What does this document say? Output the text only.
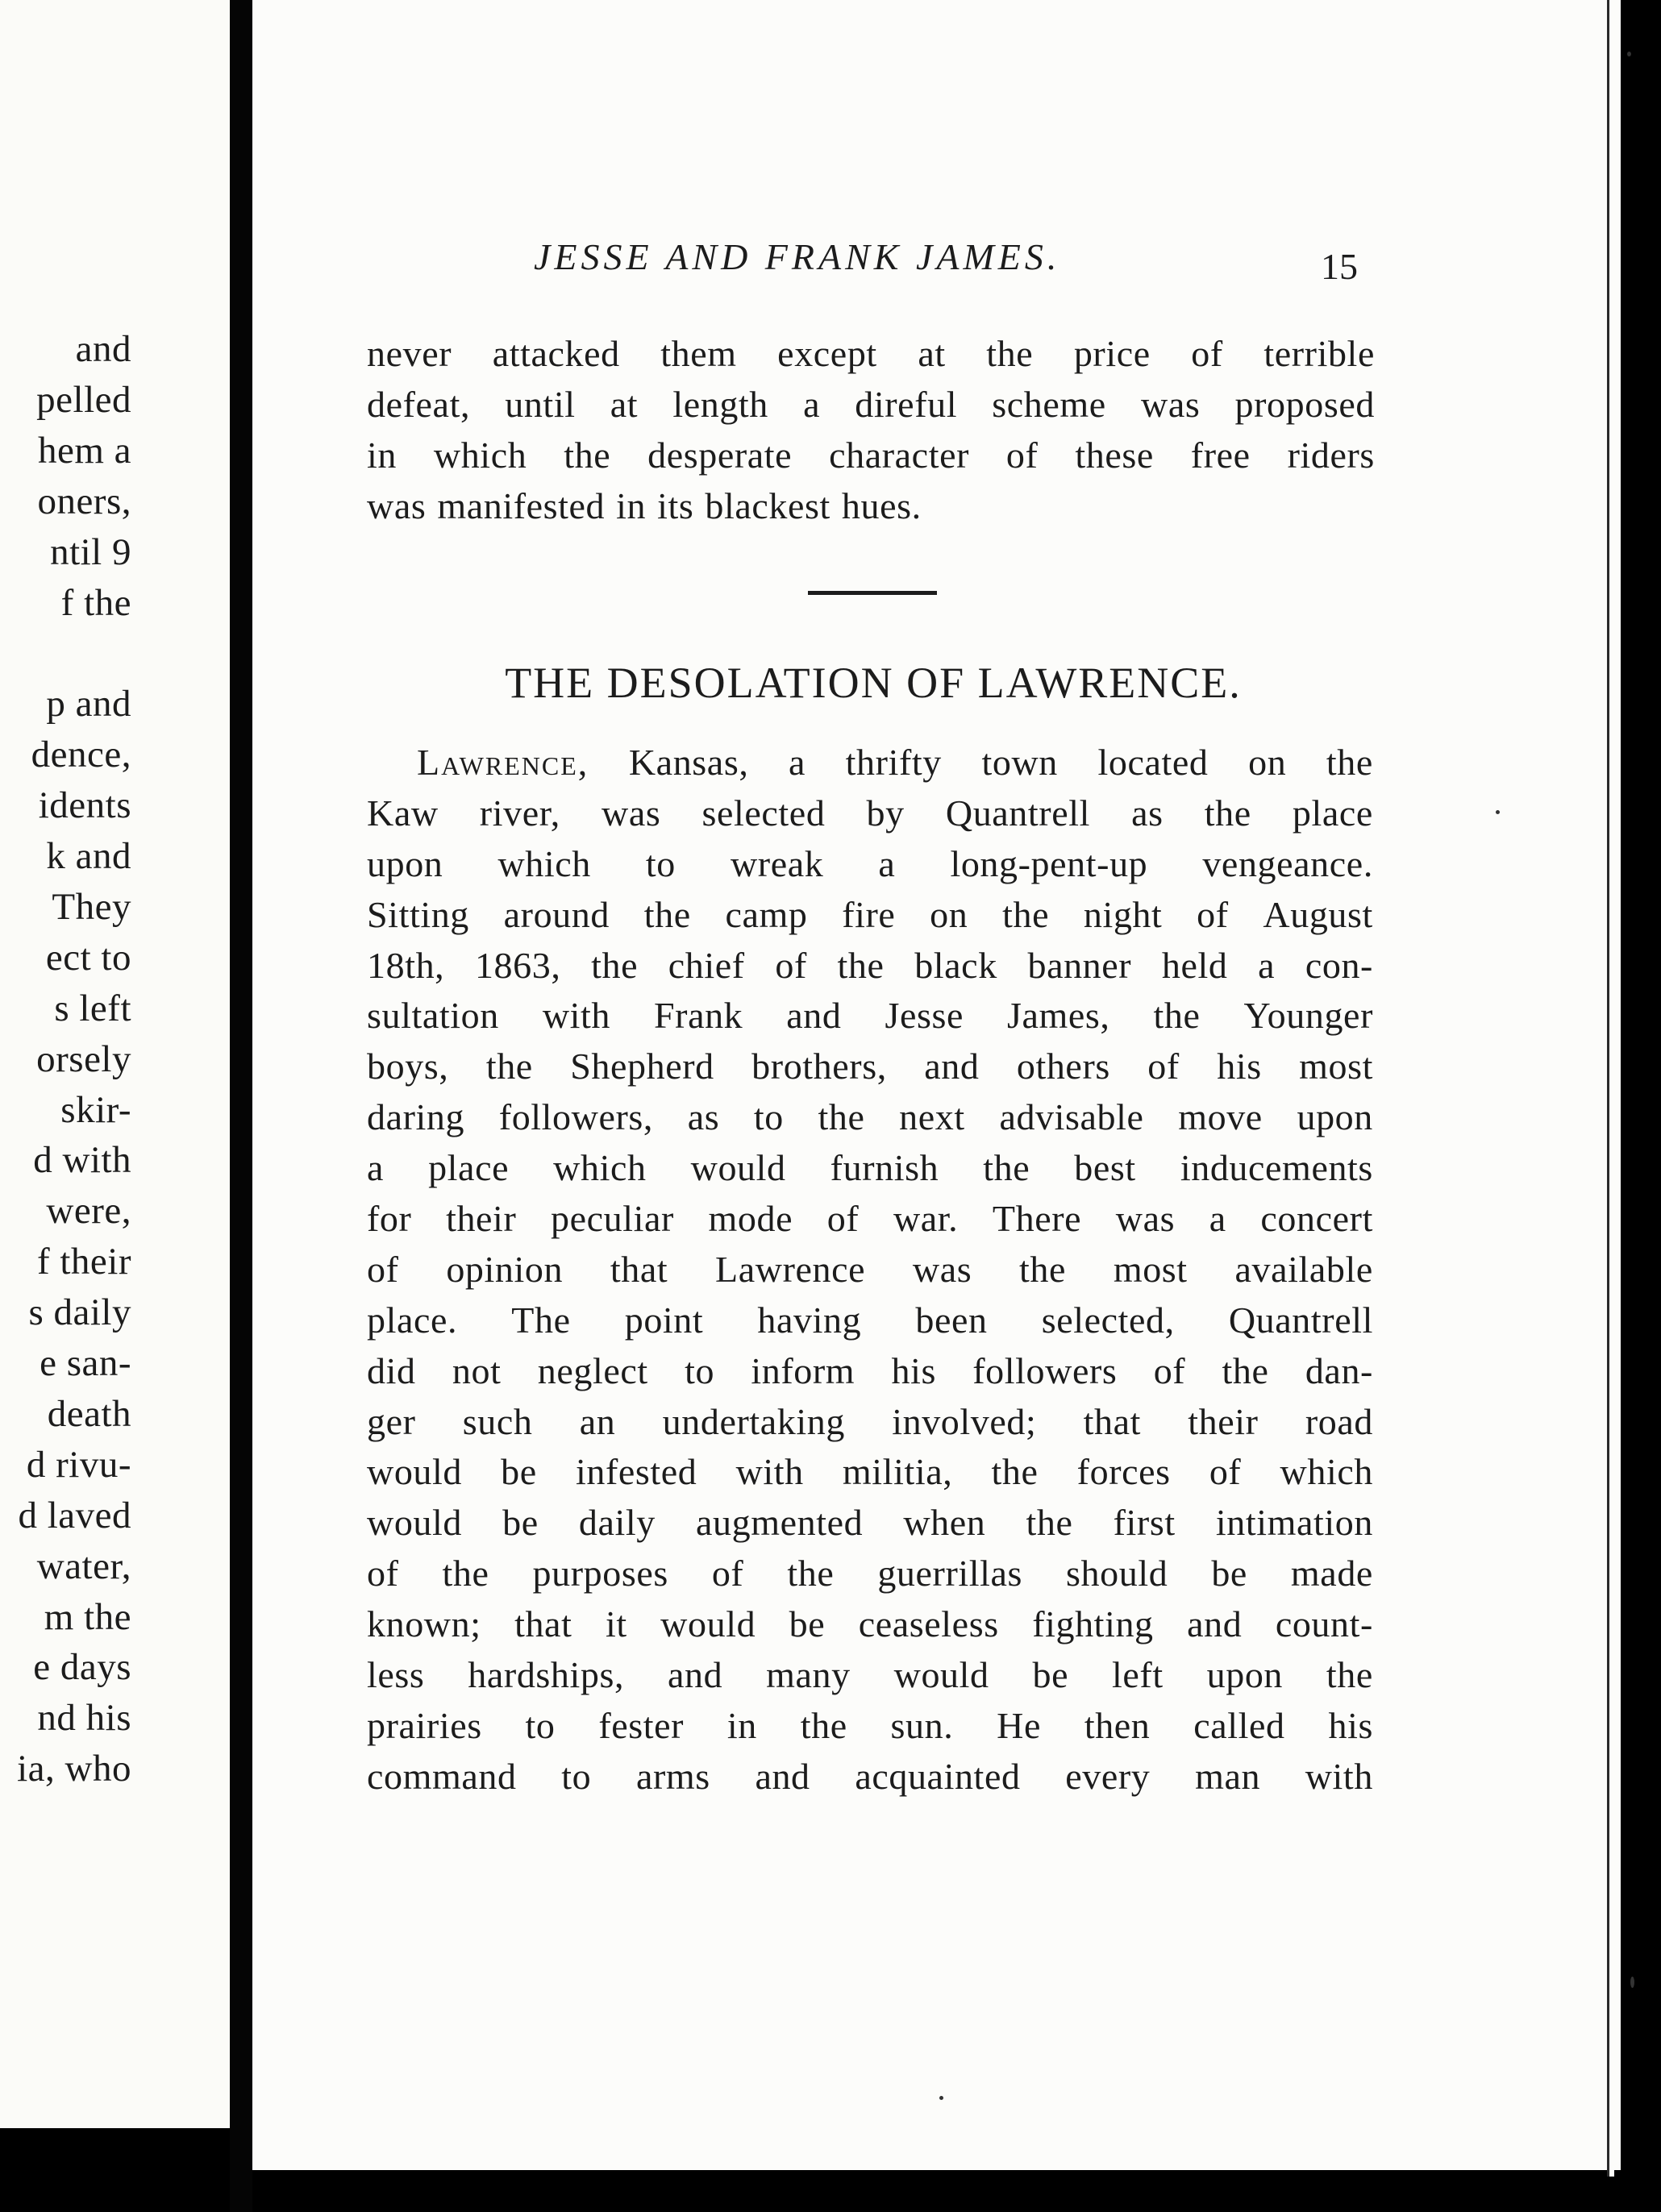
and
pelled
hem a
oners,
ntil 9
f the
p and
dence,
idents
k and
They
ect to
s left
orsely
skir-
d with
were,
f their
s daily
e san-
death
d rivu-
d laved
water,
m the
e days
nd his
ia, who
JESSE AND FRANK JAMES.	15
never attacked them except at the price of terrible
defeat, until at length a direful scheme was proposed
in which the desperate character of these free riders
was manifested in its blackest hues.
THE DESOLATION OF LAWRENCE.
Lawrence, Kansas, a thrifty town located on the
Kaw river, was selected by Quantrell as the place
upon which to wreak a long-pent-up vengeance.
Sitting around the camp fire on the night of August
18th, 1863, the chief of the black banner held a con-
sultation with Frank and Jesse James, the Younger
boys, the Shepherd brothers, and others of his most
daring followers, as to the next advisable move upon
a place which would furnish the best inducements
for their peculiar mode of war. There was a concert
of opinion that Lawrence was the most available
place. The point having been selected, Quantrell
did not neglect to inform his followers of the dan-
ger such an undertaking involved; that their road
would be infested with militia, the forces of which
would be daily augmented when the first intimation
of the purposes of the guerrillas should be made
known; that it would be ceaseless fighting and count-
less hardships, and many would be left upon the
prairies to fester in the sun. He then called his
command to arms and acquainted every man with
